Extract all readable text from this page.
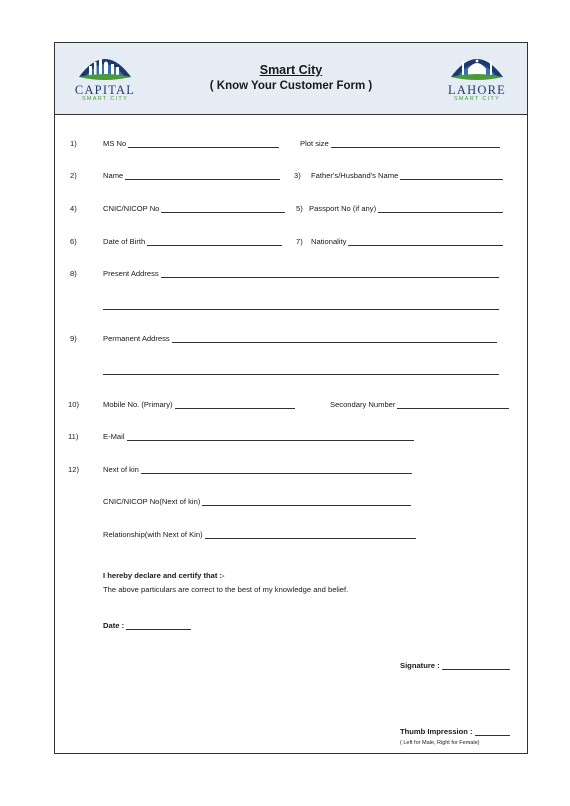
CAPITAL
SMART CITY
Smart City
( Know Your Customer Form )	LAHORE
SMART CITY
1)	MS No	Plot size
2)	Name	3) Father's/Husband's Name
4)	CNIC/NICOP No	5) Passport No (if any)
6)	Date of Birth	7) Nationality
8)	Present Address
9)	Permanent Address
10)	Mobile No. (Primary)	Secondary Number
11)	E-Mail
12)	Next of kin
CNIC/NICOP No(Next of kin)
Relationship(with Next of Kin)
I hereby declare and certify that :-
The above particulars are correct to the best of my knowledge and belief.
Date :
Signature :
Thumb Impression :
( Left for Male, Right for Female)
